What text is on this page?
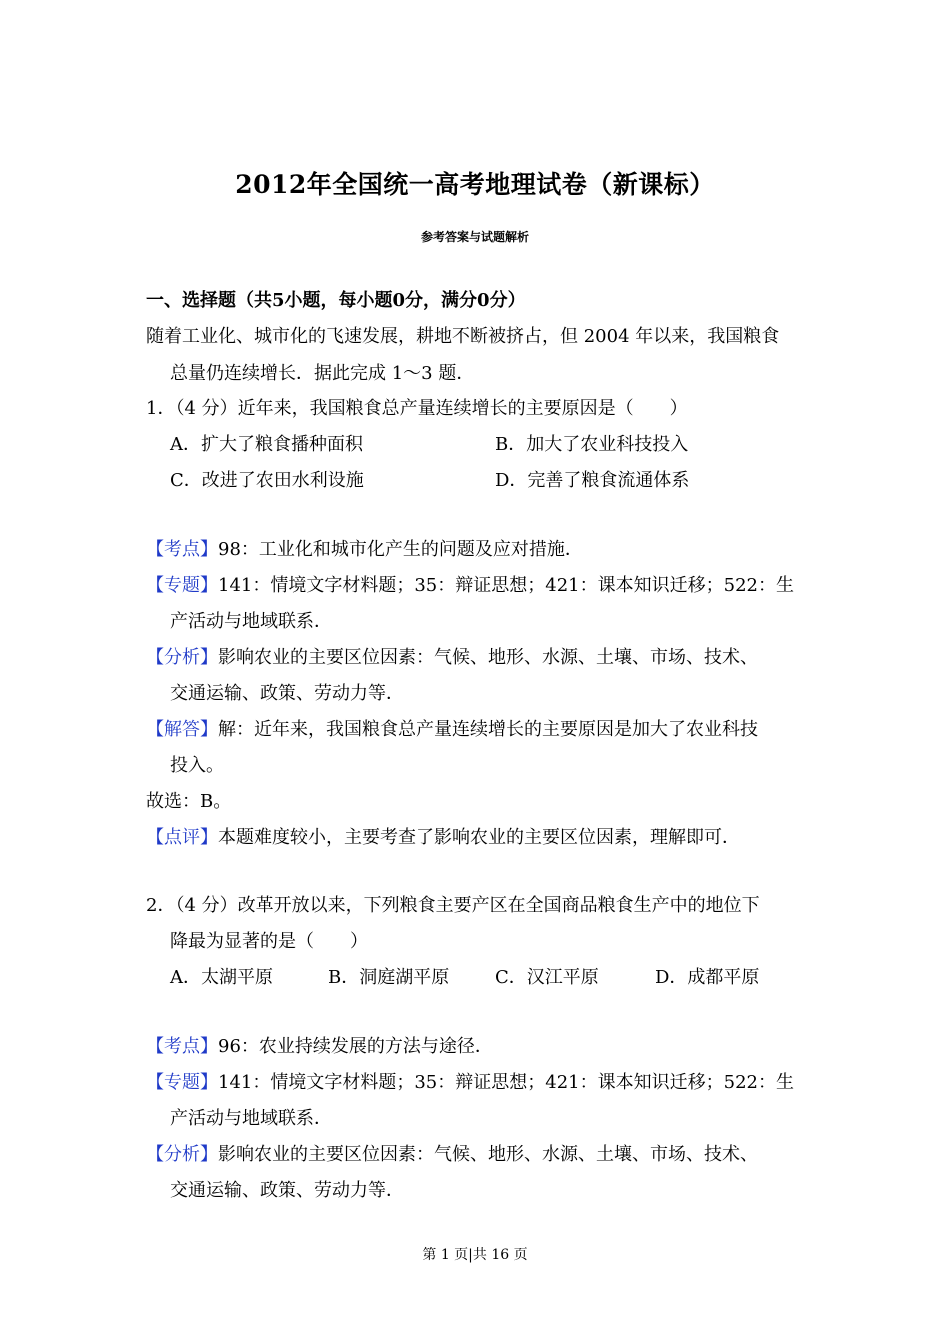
2012年全国统一高考地理试卷（新课标）
参考答案与试题解析
一、选择题（共5小题，每小题0分，满分0分）
随着工业化、城市化的飞速发展，耕地不断被挤占，但 2004 年以来，我国粮食
总量仍连续增长．据此完成 1～3 题．
1．（4 分）近年来，我国粮食总产量连续增长的主要原因是（　　）
A．扩大了粮食播种面积	B．加大了农业科技投入
C．改进了农田水利设施	D．完善了粮食流通体系
【考点】98：工业化和城市化产生的问题及应对措施．
【专题】141：情境文字材料题；35：辩证思想；421：课本知识迁移；522：生
产活动与地域联系．
【分析】影响农业的主要区位因素：气候、地形、水源、土壤、市场、技术、
交通运输、政策、劳动力等．
【解答】解：近年来，我国粮食总产量连续增长的主要原因是加大了农业科技
投入。
故选：B。
【点评】本题难度较小，主要考查了影响农业的主要区位因素，理解即可．
2．（4 分）改革开放以来，下列粮食主要产区在全国商品粮食生产中的地位下
降最为显著的是（　　）
A．太湖平原	B．洞庭湖平原	C．汉江平原	D．成都平原
【考点】96：农业持续发展的方法与途径．
【专题】141：情境文字材料题；35：辩证思想；421：课本知识迁移；522：生
产活动与地域联系．
【分析】影响农业的主要区位因素：气候、地形、水源、土壤、市场、技术、
交通运输、政策、劳动力等．
第 1 页|共 16 页
